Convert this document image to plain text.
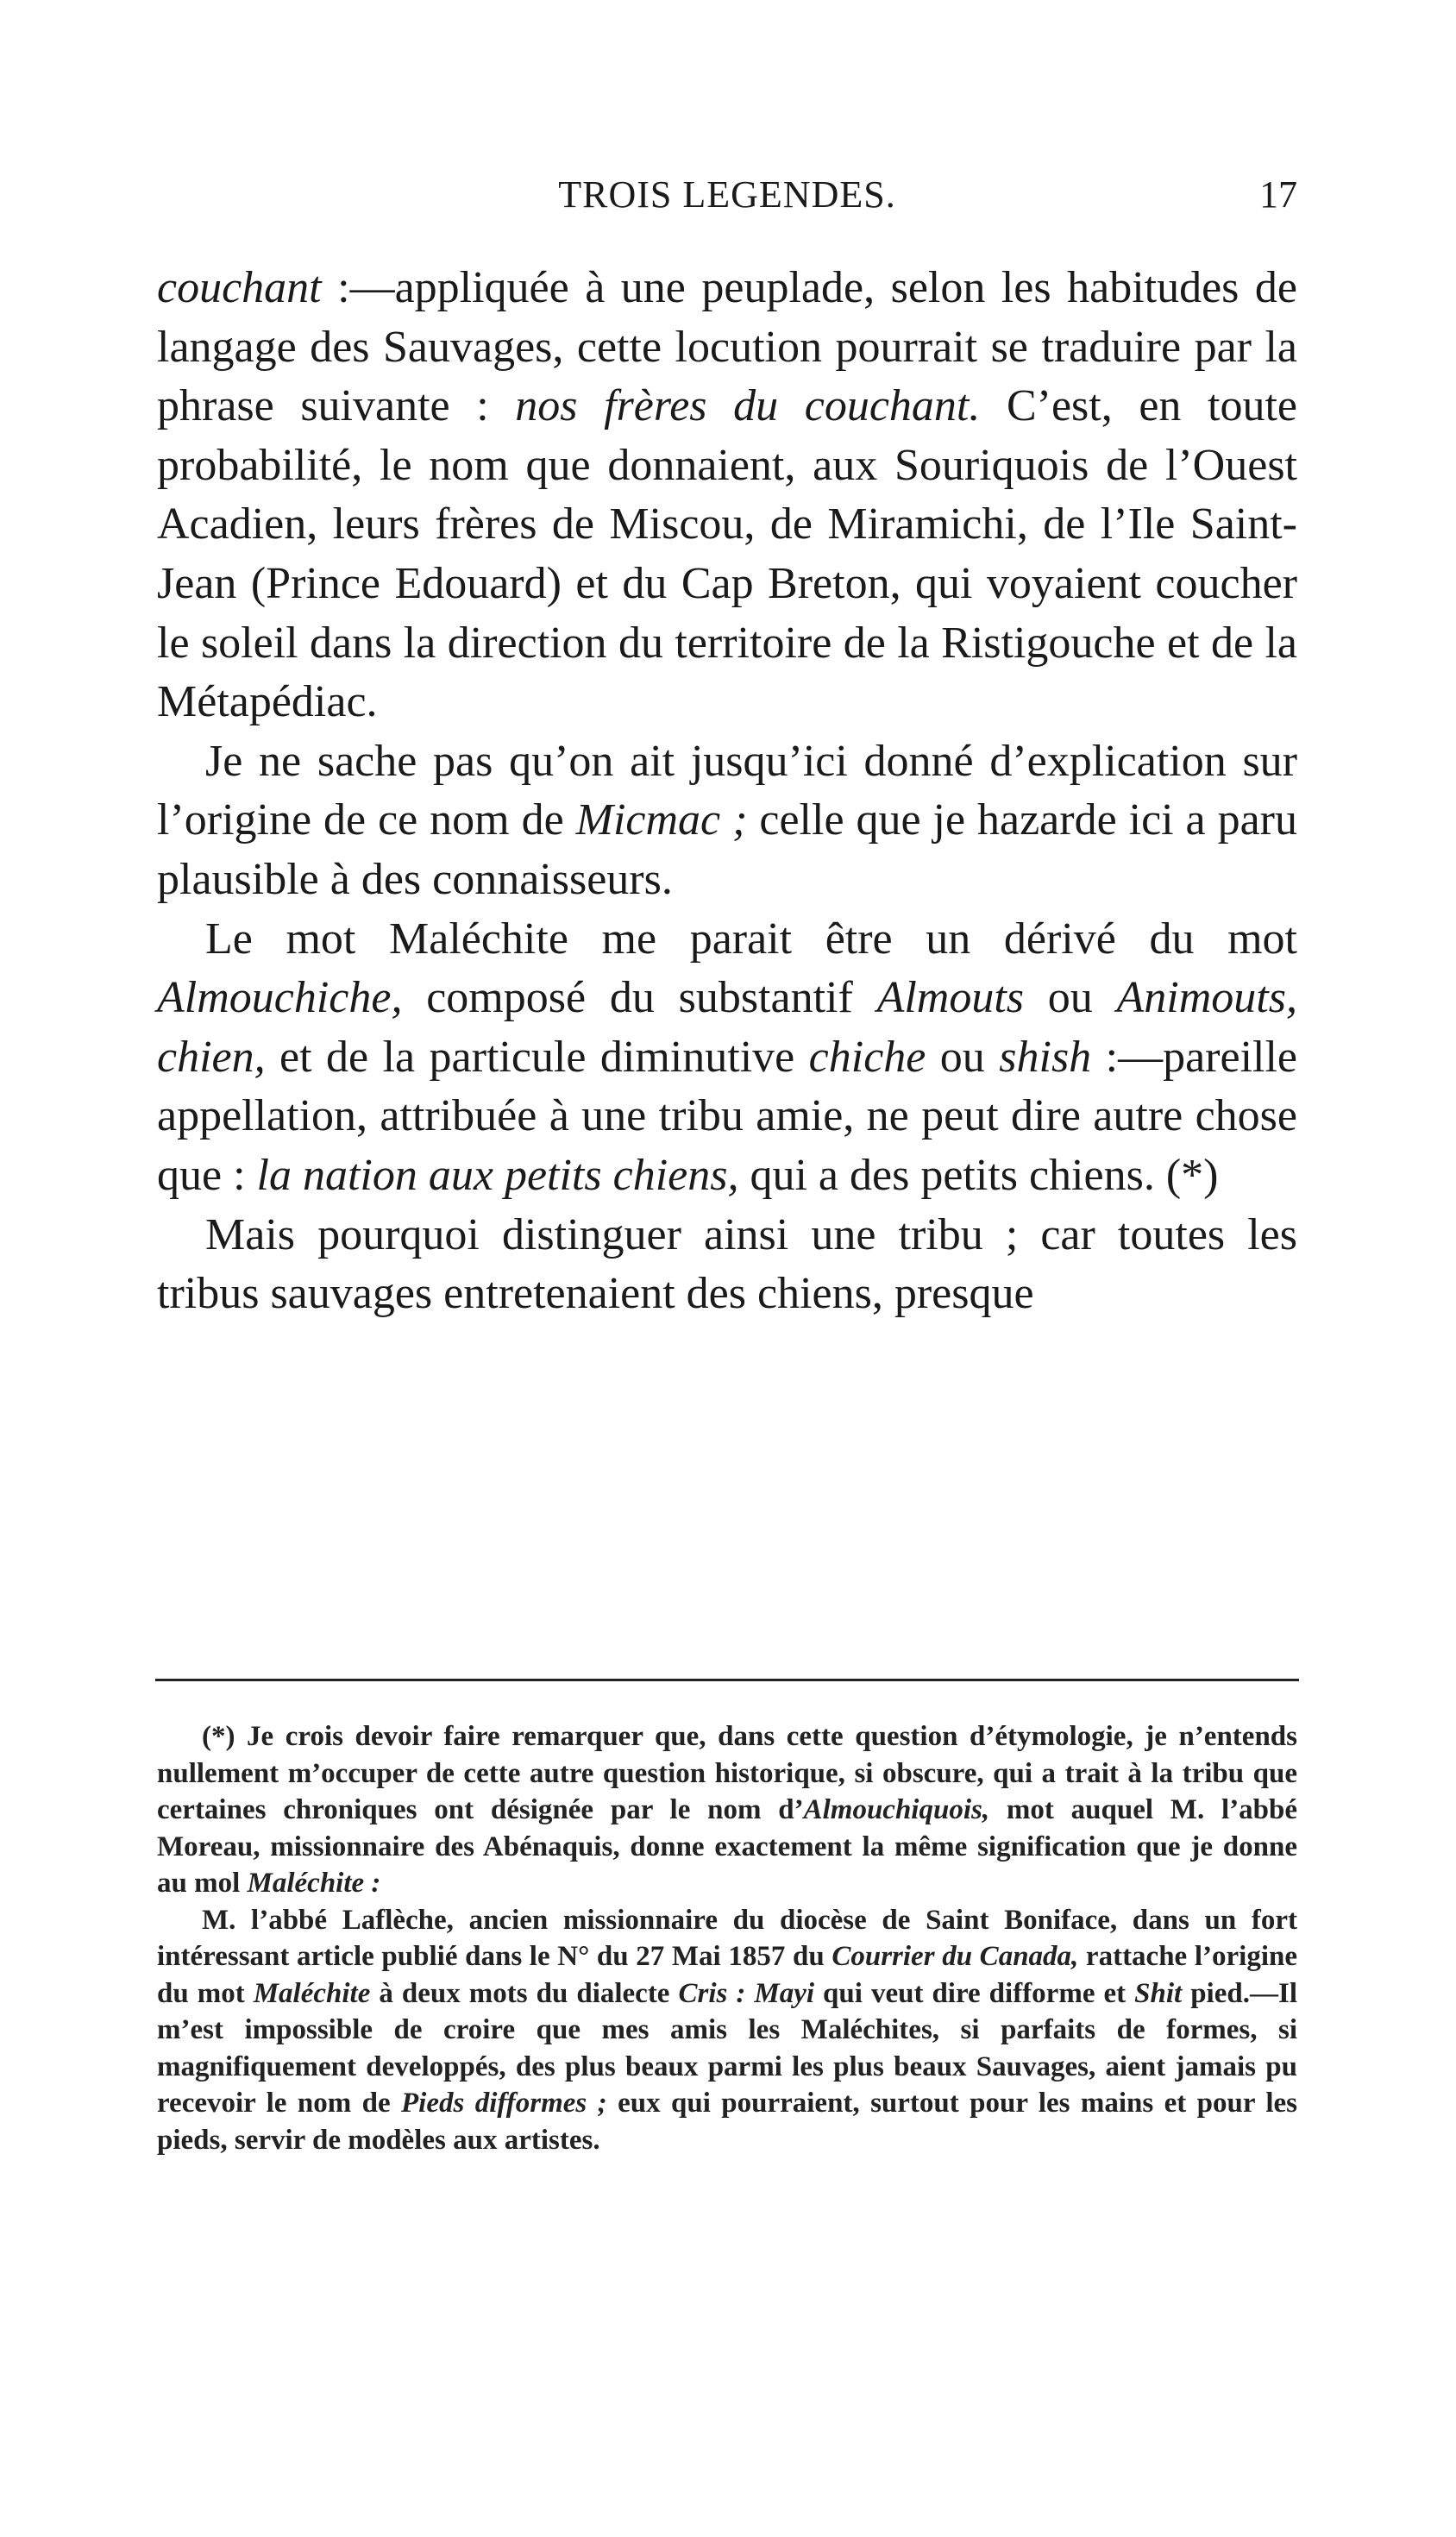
TROIS LEGENDES.	17

couchant :—appliquée à une peuplade, selon les habitudes de langage des Sauvages, cette locution pourrait se traduire par la phrase suivante : nos frères du couchant. C’est, en toute probabilité, le nom que donnaient, aux Souriquois de l’Ouest Acadien, leurs frères de Miscou, de Miramichi, de l’Ile Saint-Jean (Prince Edouard) et du Cap Breton, qui voyaient coucher le soleil dans la direction du territoire de la Ristigouche et de la Métapédiac.

Je ne sache pas qu’on ait jusqu’ici donné d’explication sur l’origine de ce nom de Micmac ; celle que je hazarde ici a paru plausible à des connaisseurs.

Le mot Maléchite me parait être un dérivé du mot Almouchiche, composé du substantif Almouts ou Animouts, chien, et de la particule diminutive chiche ou shish :—pareille appellation, attribuée à une tribu amie, ne peut dire autre chose que : la nation aux petits chiens, qui a des petits chiens. (*)

Mais pourquoi distinguer ainsi une tribu ; car toutes les tribus sauvages entretenaient des chiens, presque

(*) Je crois devoir faire remarquer que, dans cette question d’étymologie, je n’entends nullement m’occuper de cette autre question historique, si obscure, qui a trait à la tribu que certaines chroniques ont désignée par le nom d’Almouchiquois, mot auquel M. l’abbé Moreau, missionnaire des Abénaquis, donne exactement la même signification que je donne au mol Maléchite :

M. l’abbé Laflèche, ancien missionnaire du diocèse de Saint Boniface, dans un fort intéressant article publié dans le N° du 27 Mai 1857 du Courrier du Canada, rattache l’origine du mot Maléchite à deux mots du dialecte Cris : Mayi qui veut dire difforme et Shit pied.—Il m’est impossible de croire que mes amis les Maléchites, si parfaits de formes, si magnifiquement developpés, des plus beaux parmi les plus beaux Sauvages, aient jamais pu recevoir le nom de Pieds difformes ; eux qui pourraient, surtout pour les mains et pour les pieds, servir de modèles aux artistes.
